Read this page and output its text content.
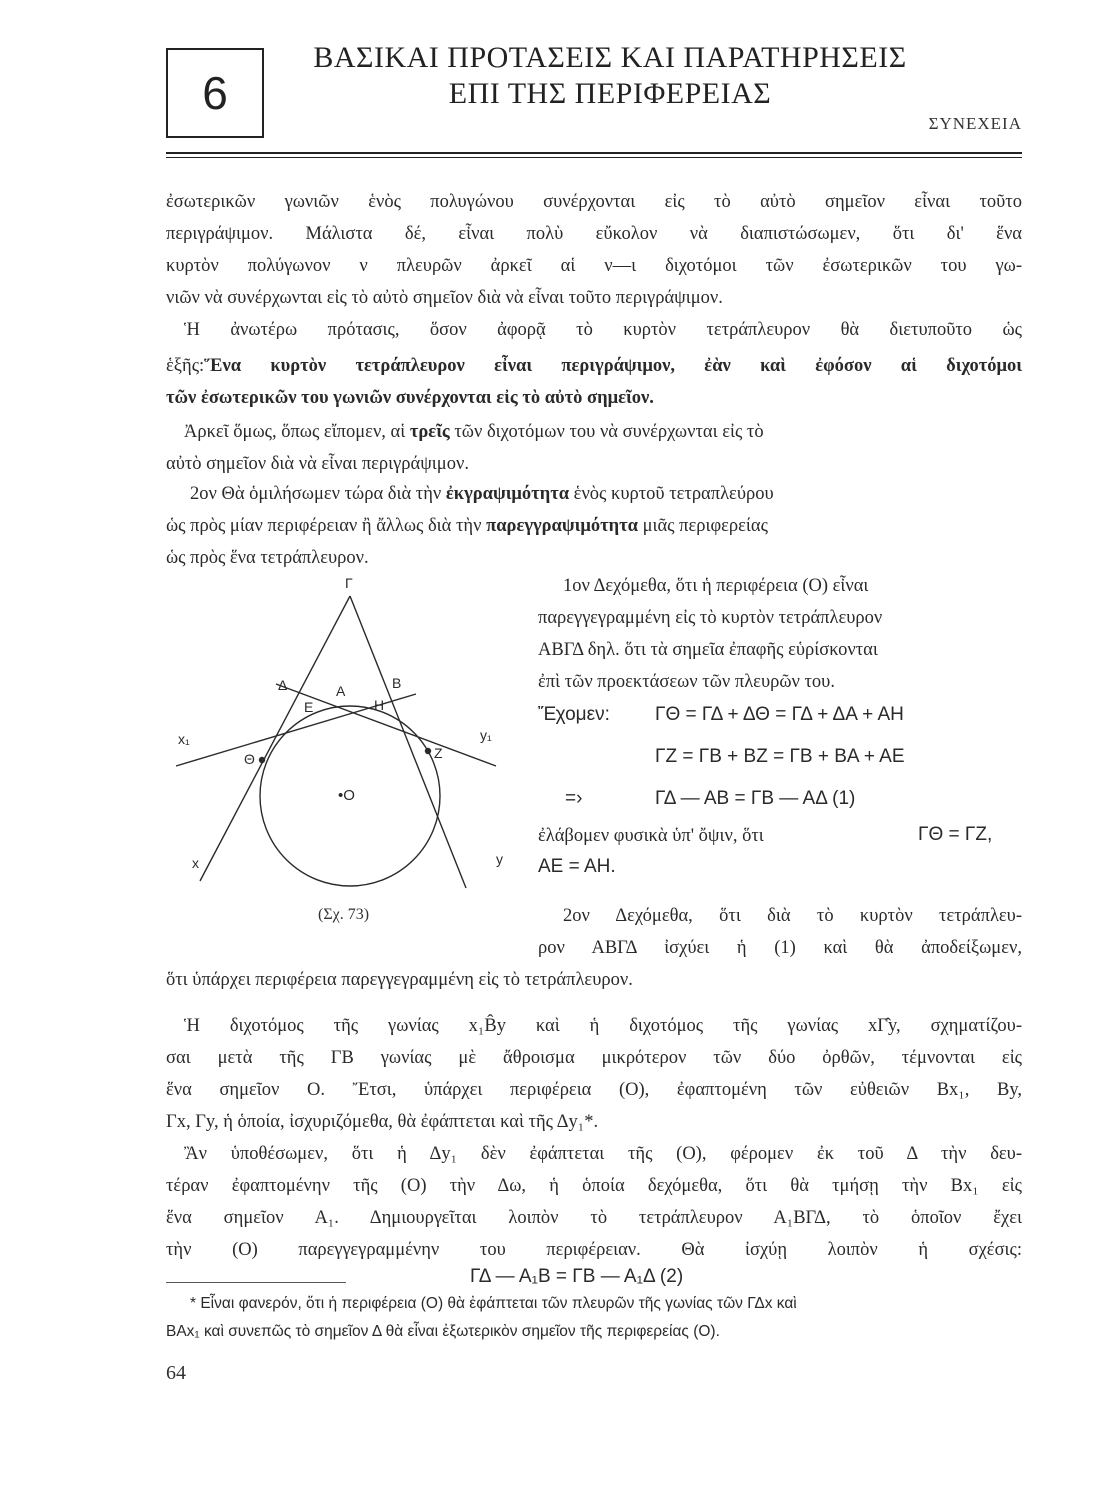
6
ΒΑΣΙΚΑΙ ΠΡΟΤΑΣΕΙΣ ΚΑΙ ΠΑΡΑΤΗΡΗΣΕΙΣ
ΕΠΙ ΤΗΣ ΠΕΡΙΦΕΡΕΙΑΣ
ΣΥΝΕΧΕΙΑ
ἐσωτερικῶν γωνιῶν ἑνὸς πολυγώνου συνέρχονται εἰς τὸ αὐτὸ σημεῖον εἶναι τοῦτο
περιγράψιμον. Μάλιστα δέ, εἶναι πολὺ εὔκολον νὰ διαπιστώσωμεν, ὅτι δι' ἕνα
κυρτὸν πολύγωνον ν πλευρῶν ἀρκεῖ αἱ ν—ι διχοτόμοι τῶν ἐσωτερικῶν του γω-
νιῶν νὰ συνέρχωνται εἰς τὸ αὐτὸ σημεῖον διὰ νὰ εἶναι τοῦτο περιγράψιμον.
Ἡ ἀνωτέρω πρότασις, ὅσον ἀφορᾷ τὸ κυρτὸν τετράπλευρον θὰ διετυποῦτο ὡς
ἑξῆς: Ἕνα κυρτὸν τετράπλευρον εἶναι περιγράψιμον, ἐὰν καὶ ἐφόσον αἱ διχοτόμοι
τῶν ἐσωτερικῶν του γωνιῶν συνέρχονται εἰς τὸ αὐτὸ σημεῖον.
Ἀρκεῖ ὅμως, ὅπως εἴπομεν, αἱ τρεῖς τῶν διχοτόμων του νὰ συνέρχωνται εἰς τὸ
αὐτὸ σημεῖον διὰ νὰ εἶναι περιγράψιμον.
2ον Θὰ ὁμιλήσωμεν τώρα διὰ τὴν ἐκγραψιμότητα ἑνὸς κυρτοῦ τετραπλεύρου
ὡς πρὸς μίαν περιφέρειαν ἢ ἄλλως διὰ τὴν παρεγγραψιμότητα μιᾶς περιφερείας
ὡς πρὸς ἕνα τετράπλευρον.
Γ
Δ	Α	Β
Ε	Η
x₁	y₁
Θ	Ζ
•Ο
x	y
(Σχ. 73)
1ον Δεχόμεθα, ὅτι ἡ περιφέρεια (Ο) εἶναι
παρεγγεγραμμένη εἰς τὸ κυρτὸν τετράπλευρον
ΑΒΓΔ δηλ. ὅτι τὰ σημεῖα ἐπαφῆς εὑρίσκονται
ἐπὶ τῶν προεκτάσεων τῶν πλευρῶν του.
Ἔχομεν: ΓΘ = ΓΔ + ΔΘ = ΓΔ + ΔΑ + ΑΗ
ΓΖ = ΓΒ + ΒΖ = ΓΒ + ΒΑ + ΑΕ
=›	ΓΔ — ΑΒ = ΓΒ — ΑΔ (1)
ἐλάβομεν φυσικὰ ὑπ' ὄψιν, ὅτι	ΓΘ = ΓΖ,
ΑΕ = ΑΗ.
2ον Δεχόμεθα, ὅτι διὰ τὸ κυρτὸν τετράπλευ-
ρον ΑΒΓΔ ἰσχύει ἡ (1) καὶ θὰ ἀποδείξωμεν,
ὅτι ὑπάρχει περιφέρεια παρεγγεγραμμένη εἰς τὸ τετράπλευρον.
Ἡ διχοτόμος τῆς γωνίας x₁B̂y καὶ ἡ διχοτόμος τῆς γωνίας xΓ̂y, σχηματίζου-
σαι μετὰ τῆς ΓΒ γωνίας μὲ ἄθροισμα μικρότερον τῶν δύο ὀρθῶν, τέμνονται εἰς
ἕνα σημεῖον Ο. Ἔτσι, ὑπάρχει περιφέρεια (Ο), ἐφαπτομένη τῶν εὐθειῶν Βx₁, Βy,
Γx, Γy, ἡ ὁποία, ἰσχυριζόμεθα, θὰ ἐφάπτεται καὶ τῆς Δy₁*.
Ἂν ὑποθέσωμεν, ὅτι ἡ Δy₁ δὲν ἐφάπτεται τῆς (Ο), φέρομεν ἐκ τοῦ Δ τὴν δευ-
τέραν ἐφαπτομένην τῆς (Ο) τὴν Δω, ἡ ὁποία δεχόμεθα, ὅτι θὰ τμήσῃ τὴν Βx₁ εἰς
ἕνα σημεῖον Α₁. Δημιουργεῖται λοιπὸν τὸ τετράπλευρον Α₁ΒΓΔ, τὸ ὁποῖον ἔχει
τὴν (Ο) παρεγγεγραμμένην του περιφέρειαν. Θὰ ἰσχύῃ λοιπὸν ἡ σχέσις:
ΓΔ — Α₁Β = ΓΒ — Α₁Δ (2)
* Εἶναι φανερόν, ὅτι ἡ περιφέρεια (Ο) θὰ ἐφάπτεται τῶν πλευρῶν τῆς γωνίας τῶν ΓΔx καὶ
ΒΑx₁ καὶ συνεπῶς τὸ σημεῖον Δ θὰ εἶναι ἐξωτερικὸν σημεῖον τῆς περιφερείας (Ο).
64
